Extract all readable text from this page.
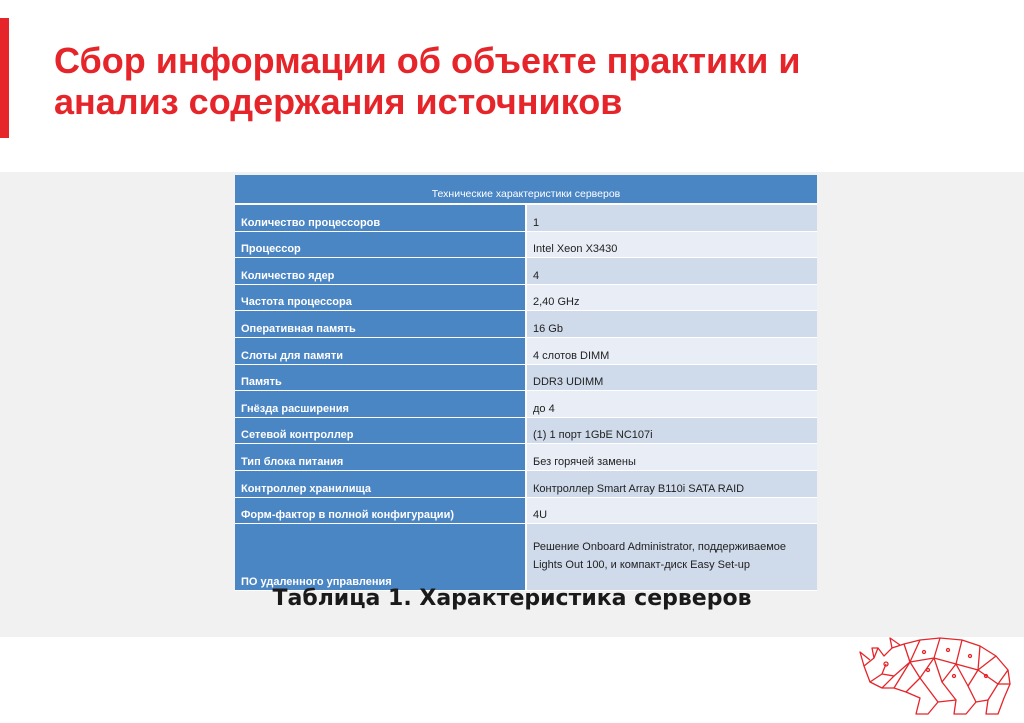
Сбор информации об объекте практики и
анализ содержания источников
Технические характеристики серверов	
Количество процессоров	1
Процессор	Intel Xeon X3430
Количество ядер	4
Частота процессора	2,40 GHz
Оперативная память	16 Gb
Слоты для памяти	4 слотов DIMM
Память	DDR3 UDIMM
Гнёзда расширения	до 4
Сетевой контроллер	(1) 1 порт 1GbE NC107i
Тип блока питания	Без горячей замены
Контроллер хранилища	Контроллер Smart Array B110i SATA RAID
Форм-фактор в полной конфигурации)	4U
ПО удаленного управления	Решение Onboard Administrator, поддерживаемое Lights Out 100, и компакт-диск Easy Set-up
Таблица 1. Характеристика серверов
